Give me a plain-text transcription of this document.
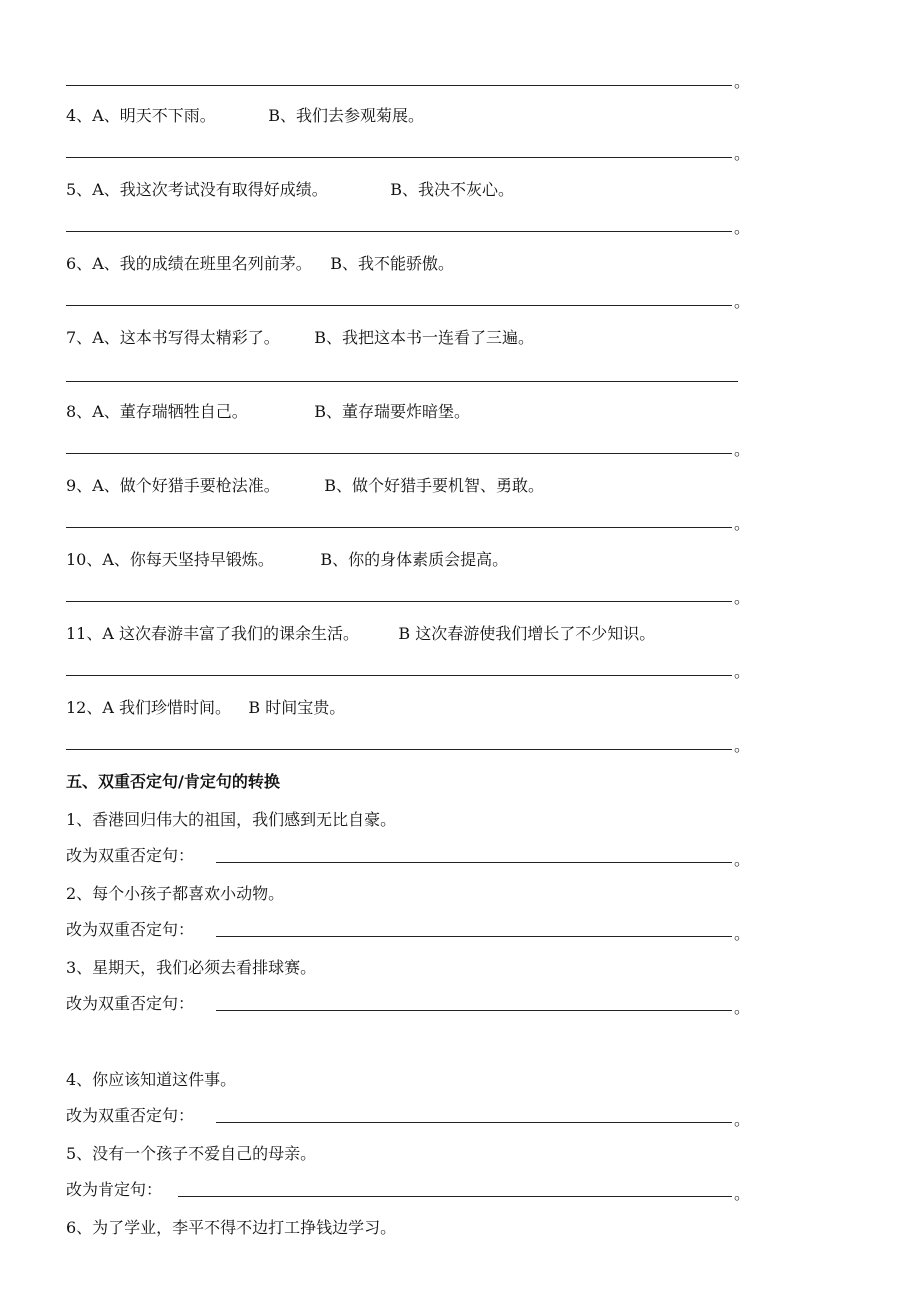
。
4、A、明天不下雨。	B、我们去参观菊展。
。
5、A、我这次考试没有取得好成绩。	B、我决不灰心。
。
6、A、我的成绩在班里名列前茅。 B、我不能骄傲。
。
7、A、这本书写得太精彩了。 B、我把这本书一连看了三遍。
8、A、董存瑞牺牲自己。	B、董存瑞要炸暗堡。
。
9、A、做个好猎手要枪法准。	B、做个好猎手要机智、勇敢。
。
10、A、你每天坚持早锻炼。	B、你的身体素质会提高。
。
11、A 这次春游丰富了我们的课余生活。 B 这次春游使我们增长了不少知识。
。
12、A 我们珍惜时间。 B 时间宝贵。
。
五、双重否定句/肯定句的转换
1、香港回归伟大的祖国，我们感到无比自豪。
改为双重否定句：	。
2、每个小孩子都喜欢小动物。
改为双重否定句：	。
3、星期天，我们必须去看排球赛。
改为双重否定句：	。
4、你应该知道这件事。
改为双重否定句：	。
5、没有一个孩子不爱自己的母亲。
改为肯定句：	。
6、为了学业，李平不得不边打工挣钱边学习。
